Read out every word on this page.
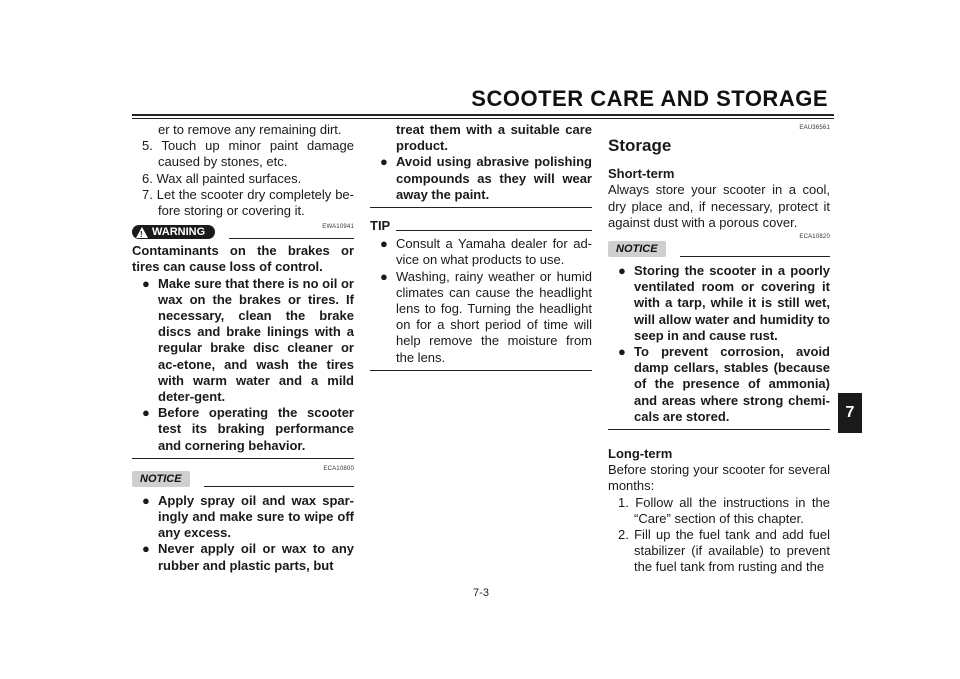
SCOOTER CARE AND STORAGE

er to remove any remaining dirt.

5. Touch up minor paint damage caused by stones, etc.

6. Wax all painted surfaces.

7. Let the scooter dry completely be-fore storing or covering it.

EWA10941
!
WARNING

Contaminants on the brakes or tires can cause loss of control.

● Make sure that there is no oil or wax on the brakes or tires. If necessary, clean the brake discs and brake linings with a regular brake disc cleaner or ac-etone, and wash the tires with warm water and a mild deter-gent.
● Before operating the scooter test its braking performance and cornering behavior.
ECA10800
NOTICE
● Apply spray oil and wax spar-ingly and make sure to wipe off any excess.
● Never apply oil or wax to any rubber and plastic parts, but

treat them with a suitable care product.

● Avoid using abrasive polishing compounds as they will wear away the paint.
TIP
● Consult a Yamaha dealer for ad-vice on what products to use.
● Washing, rainy weather or humid climates can cause the headlight lens to fog. Turning the headlight on for a short period of time will help remove the moisture from the lens.
EAU36561
Storage

Short-term

Always store your scooter in a cool, dry place and, if necessary, protect it against dust with a porous cover.

ECA10820
NOTICE
● Storing the scooter in a poorly ventilated room or covering it with a tarp, while it is still wet, will allow water and humidity to seep in and cause rust.
● To prevent corrosion, avoid damp cellars, stables (because of the presence of ammonia) and areas where strong chemi-cals are stored.

Long-term

Before storing your scooter for several months:

1. Follow all the instructions in the “Care” section of this chapter.

2. Fill up the fuel tank and add fuel stabilizer (if available) to prevent the fuel tank from rusting and the

7
7-3
